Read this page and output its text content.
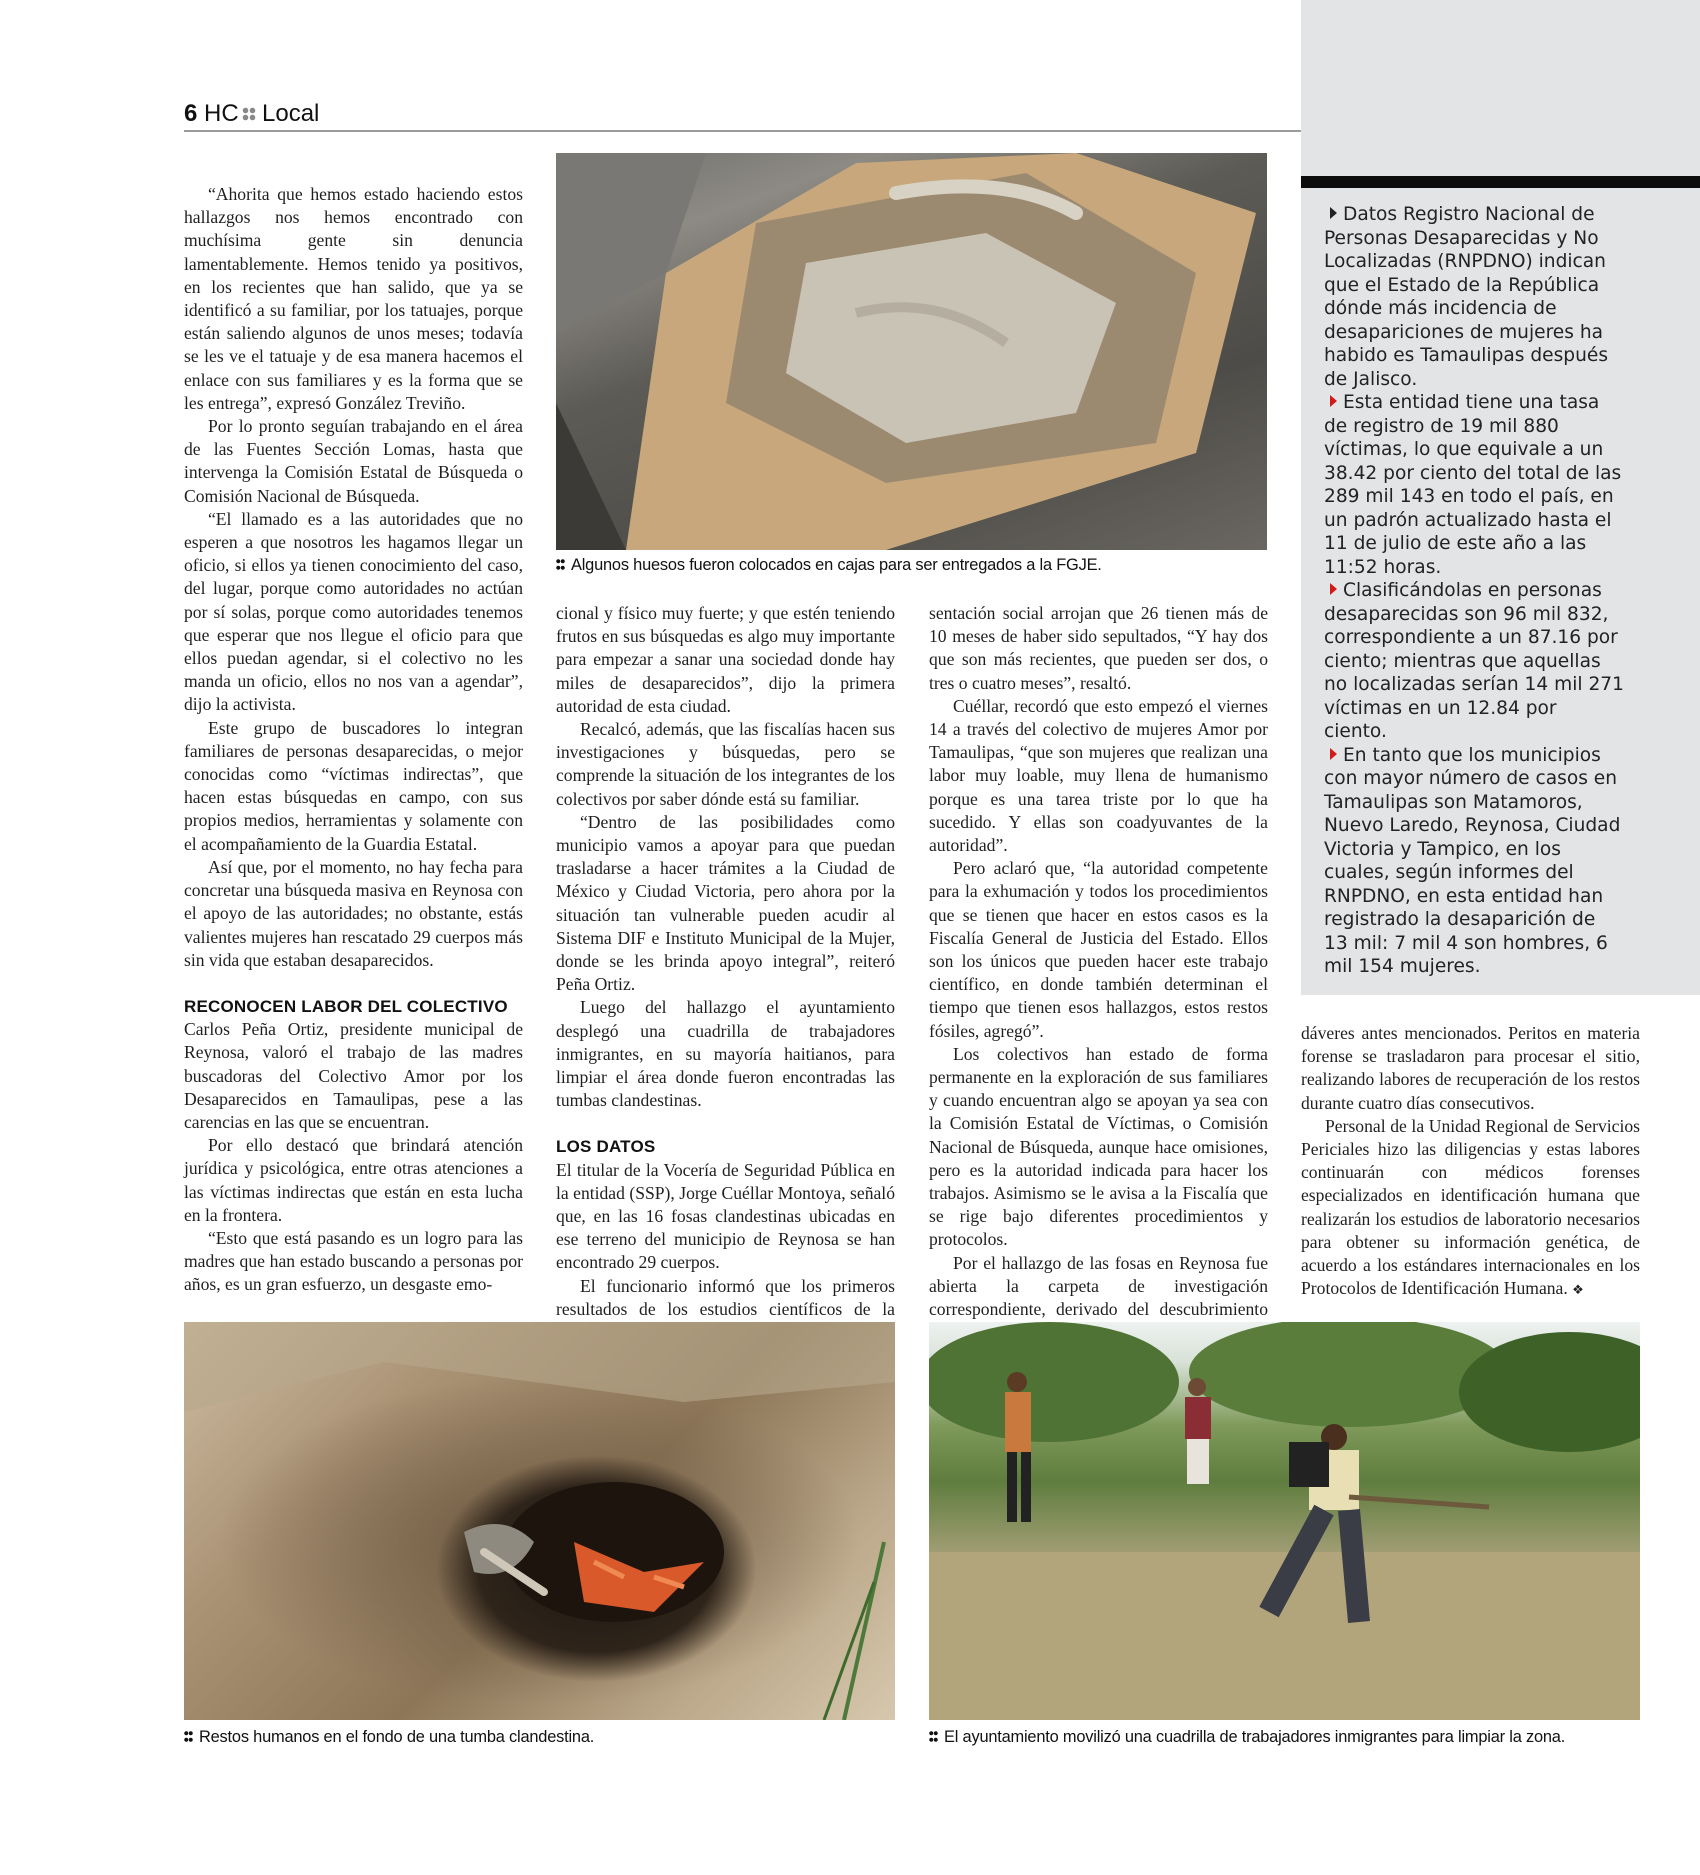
6 HC Local

Datos Registro Nacional de Personas Desaparecidas y No Localizadas (RNPDNO) indican que el Estado de la República dónde más incidencia de desapariciones de mujeres ha habido es Tamaulipas después de Jalisco.

Esta entidad tiene una tasa de registro de 19 mil 880 víctimas, lo que equivale a un 38.42 por ciento del total de las 289 mil 143 en todo el país, en un padrón actualizado hasta el 11 de julio de este año a las 11:52 horas.

Clasificándolas en personas desaparecidas son 96 mil 832, correspondiente a un 87.16 por ciento; mientras que aquellas no localizadas serían 14 mil 271 víctimas en un 12.84 por ciento.

En tanto que los municipios con mayor número de casos en Tamaulipas son Matamoros, Nuevo Laredo, Reynosa, Ciudad Victoria y Tampico, en los cuales, según informes del RNPDNO, en esta entidad han registrado la desaparición de 13 mil: 7 mil 4 son hombres, 6 mil 154 mujeres.

Algunos huesos fueron colocados en cajas para ser entregados a la FGJE.

“Ahorita que hemos estado haciendo estos hallazgos nos hemos encontrado con muchísima gente sin denuncia lamentablemente. Hemos tenido ya positivos, en los recientes que han salido, que ya se identificó a su familiar, por los tatuajes, porque están saliendo algunos de unos meses; todavía se les ve el tatuaje y de esa manera hacemos el enlace con sus familiares y es la forma que se les entrega”, expresó González Treviño.

Por lo pronto seguían trabajando en el área de las Fuentes Sección Lomas, hasta que intervenga la Comisión Estatal de Búsqueda o Comisión Nacional de Búsqueda.

“El llamado es a las autoridades que no esperen a que nosotros les hagamos llegar un oficio, si ellos ya tienen conocimiento del caso, del lugar, porque como autoridades no actúan por sí solas, porque como autoridades tenemos que esperar que nos llegue el oficio para que ellos puedan agendar, si el colectivo no les manda un oficio, ellos no nos van a agendar”, dijo la activista.

Este grupo de buscadores lo integran familiares de personas desaparecidas, o mejor conocidas como “víctimas indirectas”, que hacen estas búsquedas en campo, con sus propios medios, herramientas y solamente con el acompañamiento de la Guardia Estatal.

Así que, por el momento, no hay fecha para concretar una búsqueda masiva en Reynosa con el apoyo de las autoridades; no obstante, estás valientes mujeres han rescatado 29 cuerpos más sin vida que estaban desaparecidos.

RECONOCEN LABOR DEL COLECTIVO

Carlos Peña Ortiz, presidente municipal de Reynosa, valoró el trabajo de las madres buscadoras del Colectivo Amor por los Desaparecidos en Tamaulipas, pese a las carencias en las que se encuentran.

Por ello destacó que brindará atención jurídica y psicológica, entre otras atenciones a las víctimas indirectas que están en esta lucha en la frontera.

“Esto que está pasando es un logro para las madres que han estado buscando a personas por años, es un gran esfuerzo, un desgaste emo-

cional y físico muy fuerte; y que estén teniendo frutos en sus búsquedas es algo muy importante para empezar a sanar una sociedad donde hay miles de desaparecidos”, dijo la primera autoridad de esta ciudad.

Recalcó, además, que las fiscalías hacen sus investigaciones y búsquedas, pero se comprende la situación de los integrantes de los colectivos por saber dónde está su familiar.

“Dentro de las posibilidades como municipio vamos a apoyar para que puedan trasladarse a hacer trámites a la Ciudad de México y Ciudad Victoria, pero ahora por la situación tan vulnerable pueden acudir al Sistema DIF e Instituto Municipal de la Mujer, donde se les brinda apoyo integral”, reiteró Peña Ortiz.

Luego del hallazgo el ayuntamiento desplegó una cuadrilla de trabajadores inmigrantes, en su mayoría haitianos, para limpiar el área donde fueron encontradas las tumbas clandestinas.

LOS DATOS

El titular de la Vocería de Seguridad Pública en la entidad (SSP), Jorge Cuéllar Montoya, señaló que, en las 16 fosas clandestinas ubicadas en ese terreno del municipio de Reynosa se han encontrado 29 cuerpos.

El funcionario informó que los primeros resultados de los estudios científicos de la

sentación social arrojan que 26 tienen más de 10 meses de haber sido sepultados, “Y hay dos que son más recientes, que pueden ser dos, o tres o cuatro meses”, resaltó.

Cuéllar, recordó que esto empezó el viernes 14 a través del colectivo de mujeres Amor por Tamaulipas, “que son mujeres que realizan una labor muy loable, muy llena de humanismo porque es una tarea triste por lo que ha sucedido. Y ellas son coadyuvantes de la autoridad”.

Pero aclaró que, “la autoridad competente para la exhumación y todos los procedimientos que se tienen que hacer en estos casos es la Fiscalía General de Justicia del Estado. Ellos son los únicos que pueden hacer este trabajo científico, en donde también determinan el tiempo que tienen esos hallazgos, estos restos fósiles, agregó”.

Los colectivos han estado de forma permanente en la exploración de sus familiares y cuando encuentran algo se apoyan ya sea con la Comisión Estatal de Víctimas, o Comisión Nacional de Búsqueda, aunque hace omisiones, pero es la autoridad indicada para hacer los trabajos. Asimismo se le avisa a la Fiscalía que se rige bajo diferentes procedimientos y protocolos.

Por el hallazgo de las fosas en Reynosa fue abierta la carpeta de investigación correspondiente, derivado del descubrimiento

dáveres antes mencionados. Peritos en materia forense se trasladaron para procesar el sitio, realizando labores de recuperación de los restos durante cuatro días consecutivos.

Personal de la Unidad Regional de Servicios Periciales hizo las diligencias y estas labores continuarán con médicos forenses especializados en identificación humana que realizarán los estudios de laboratorio necesarios para obtener su información genética, de acuerdo a los estándares internacionales en los Protocolos de Identificación Humana. ❖

Restos humanos en el fondo de una tumba clandestina.	El ayuntamiento movilizó una cuadrilla de trabajadores inmigrantes para limpiar la zona.
